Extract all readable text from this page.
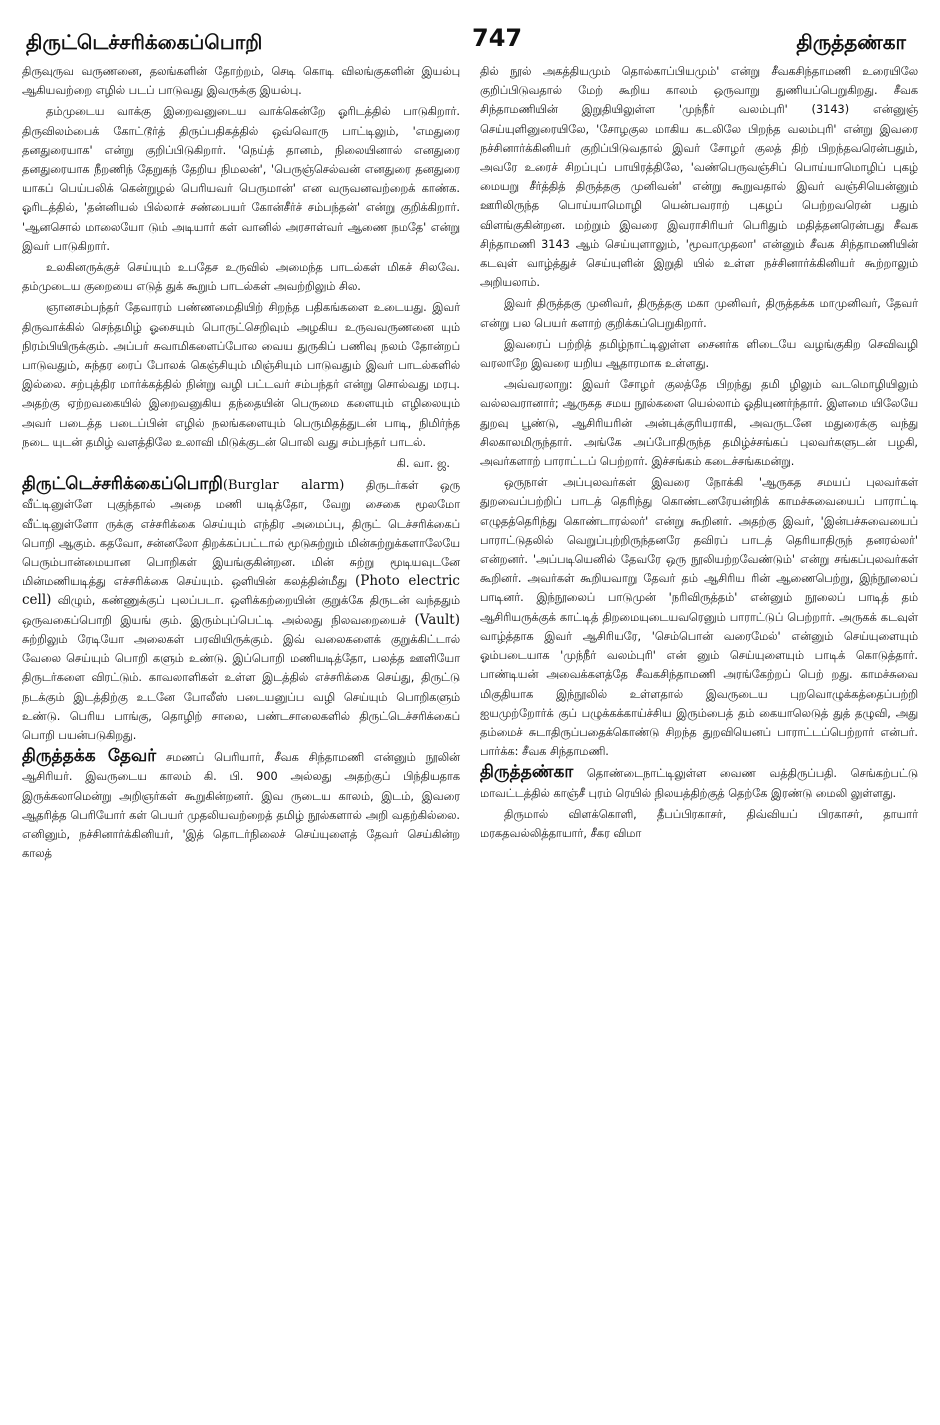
திருட்டெச்சரிக்கைப்பொறி	747	திருத்தண்கா

திருவுருவ வருணனை, தலங்களின் தோற்றம், செடி கொடி விலங்குகளின் இயல்பு ஆகியவற்றை எழில் படப் பாடுவது இவருக்கு இயல்பு.

தம்முடைய வாக்கு இறைவனுடைய வாக்கென்றே ஓரிடத்தில் பாடுகிறார். திருவிலம்பைக் கோட்டூர்த் திருப்பதிகத்தில் ஒவ்வொரு பாட்டிலும், 'எமதுரை தனதுரையாக' என்று குறிப்பிடுகிறார். 'நெய்த் தானம், நிலையினால் எனதுரை தனதுரையாக நீறணிந் தேறுகந் தேறிய நிமலன்', 'பெருஞ்செல்வன் எனதுரை தனதுரை யாகப் பெய்பலிக் கென்றுழல் பெரியவர் பெருமான்' என வருவனவற்றைக் காண்க. ஓரிடத்தில், 'தன்னியல் பில்லாச் சண்பையர் கோன்சீர்ச் சம்பந்தன்' என்று குறிக்கிறார். 'ஆனசொல் மாலையோ டும் அடியார் கள் வானில் அரசாள்வர் ஆணை நமதே' என்று இவர் பாடுகிறார்.

உலகினருக்குச் செய்யும் உபதேச உருவில் அமைந்த பாடல்கள் மிகச் சிலவே. தம்முடைய குறையை எடுத் துக் கூறும் பாடல்கள் அவற்றிலும் சில.

ஞானசம்பந்தர் தேவாரம் பண்ணமைதியிற் சிறந்த பதிகங்களை உடையது. இவர் திருவாக்கில் செந்தமிழ் ஓசையும் பொருட்செறிவும் அழகிய உருவவருணனை யும் நிரம்பியிருக்கும். அப்பர் சுவாமிகளைப்போல வைய துருகிப் பணிவு நலம் தோன்றப் பாடுவதும், சுந்தர ரைப் போலக் கெஞ்சியும் மிஞ்சியும் பாடுவதும் இவர் பாடல்களில் இல்லை. சற்புத்திர மார்க்கத்தில் நின்று வழி பட்டவர் சம்பந்தர் என்று சொல்வது மரபு. அதற்கு ஏற்றவகையில் இறைவனுகிய தந்தையின் பெருமை களையும் எழிலையும் அவர் படைத்த படைப்பின் எழில் நலங்களையும் பெருமிதத்துடன் பாடி, நிமிர்ந்த நடை யுடன் தமிழ் வளத்திலே உலாவி மிடுக்குடன் பொலி வது சம்பந்தர் பாடல்.

கி. வா. ஜ.

திருட்டெச்சரிக்கைப்பொறி(Burglar alarm) திருடர்கள் ஒரு வீட்டினுள்ளே புகுந்தால் அதை மணி யடித்தோ, வேறு சைகை மூலமோ வீட்டினுள்ளோ ருக்கு எச்சரிக்கை செய்யும் எந்திர அமைப்பு, திருட் டெச்சரிக்கைப் பொறி ஆகும். கதவோ, சன்னலோ திறக்கப்பட்டால் மூடுசுற்றும் மின்சுற்றுக்களாலேயே பெரும்பான்மையான பொறிகள் இயங்குகின்றன. மின் சுற்று மூடியவுடனே மின்மணியடித்து எச்சரிக்கை செய்யும். ஒளியின் கலத்தின்மீது (Photo electric cell) விழும், கண்ணுக்குப் புலப்படா. ஒளிக்கற்றையின் குறுக்கே திருடன் வந்ததும் ஒருவகைப்பொறி இயங் கும். இரும்புப்பெட்டி அல்லது நிலவறையைச் (Vault) சுற்றிலும் ரேடியோ அலைகள் பரவியிருக்கும். இவ் வலைகளைக் குறுக்கிட்டால் வேலை செய்யும் பொறி களும் உண்டு. இப்பொறி மணியடித்தோ, பலத்த ஊளியோ திருடர்களை விரட்டும். காவலாளிகள் உள்ள இடத்தில் எச்சரிக்கை செய்து, திருட்டு நடக்கும் இடத்திற்கு உடனே போலீஸ் படையனுப்ப வழி செய்யும் பொறிகளும் உண்டு. பெரிய பாங்கு, தொழிற் சாலை, பண்டசாலைகளில் திருட்டெச்சரிக்கைப் பொறி பயன்படுகிறது.

திருத்தக்க தேவர் சமணப் பெரியார், சீவக சிந்தாமணி என்னும் நூலின் ஆசிரியர். இவருடைய காலம் கி. பி. 900 அல்லது அதற்குப் பிந்தியதாக இருக்கலாமென்று அறிஞர்கள் கூறுகின்றனர். இவ ருடைய காலம், இடம், இவரை ஆதரித்த பெரியோர் கள் பெயர் முதலியவற்றைத் தமிழ் நூல்களால் அறி வதற்கில்லை. எனினும், நச்சினார்க்கினியர், 'இத் தொடர்நிலைச் செய்யுளைத் தேவர் செய்கின்ற காலத்

தில் நூல் அகத்தியமும் தொல்காப்பியமும்' என்று சீவகசிந்தாமணி உரையிலே குறிப்பிடுவதால் மேற் கூறிய காலம் ஒருவாறு துணியப்பெறுகிறது. சீவக சிந்தாமணியின் இறுதியிலுள்ள 'முந்நீர் வலம்புரி' (3143) என்னுஞ் செய்யுளினுரையிலே, 'சோழகுல மாகிய கடலிலே பிறந்த வலம்புரி' என்று இவரை நச்சினார்க்கினியர் குறிப்பிடுவதால் இவர் சோழர் குலத் திற் பிறந்தவரென்பதும், அவரே உரைச் சிறப்புப் பாயிரத்திலே, 'வண்பெருவஞ்சிப் பொய்யாமொழிப் புகழ் மையறு சீர்த்தித் திருத்தகு முனிவன்' என்று கூறுவதால் இவர் வஞ்சியென்னும் ஊரிலிருந்த பொய்யாமொழி யென்பவராற் புகழப் பெற்றவரென் பதும் விளங்குகின்றன. மற்றும் இவரை இவராசிரியர் பெரிதும் மதித்தனரென்பது சீவக சிந்தாமணி 3143 ஆம் செய்யுளாலும், 'மூவாமுதலா' என்னும் சீவக சிந்தாமணியின் கடவுள் வாழ்த்துச் செய்யுளின் இறுதி யில் உள்ள நச்சினார்க்கினியர் கூற்றாலும் அறியலாம்.

இவர் திருத்தகு முனிவர், திருத்தகு மகா முனிவர், திருத்தக்க மாமுனிவர், தேவர் என்று பல பெயர் களாற் குறிக்கப்பெறுகிறார்.

இவரைப் பற்றித் தமிழ்நாட்டிலுள்ள சைனர்க ளிடையே வழங்குகிற செவிவழி வரலாறே இவரை யறிய ஆதாரமாக உள்ளது.

அவ்வரலாறு: இவர் சோழர் குலத்தே பிறந்து தமி ழிலும் வடமொழியிலும் வல்லவரானார்; ஆருகத சமய நூல்களை யெல்லாம் ஓதியுணர்ந்தார். இளமை யிலேயே துறவு பூண்டு, ஆசிரியரின் அன்புக்குரியராகி, அவருடனே மதுரைக்கு வந்து சிலகாலமிருந்தார். அங்கே அப்போதிருந்த தமிழ்ச்சங்கப் புலவர்களுடன் பழகி, அவர்களாற் பாராட்டப் பெற்றார். இச்சங்கம் கடைச்சங்கமன்று.

ஒருநாள் அப்புலவர்கள் இவரை நோக்கி 'ஆருகத சமயப் புலவர்கள் துறவைப்பற்றிப் பாடத் தெரிந்து கொண்டனரேயன்றிக் காமச்சுவையைப் பாராட்டி எழுதத்தெரிந்து கொண்டாரல்லர்' என்று கூறினர். அதற்கு இவர், 'இன்பச்சுவையைப் பாராட்டுதலில் வெறுப்புற்றிருந்தனரே தவிரப் பாடத் தெரியாதிருந் தனரல்லர்' என்றனர். 'அப்படியெனில் தேவரே ஒரு நூலியற்றவேண்டும்' என்று சங்கப்புலவர்கள் கூறினர். அவர்கள் கூறியவாறு தேவர் தம் ஆசிரிய ரின் ஆணைபெற்று, இந்நூலைப் பாடினர். இந்நூலைப் பாடுமுன் 'நரிவிருத்தம்' என்னும் நூலைப் பாடித் தம் ஆசிரியருக்குக் காட்டித் திறமையுடையவரெனும் பாராட்டுப் பெற்றார். அருகக் கடவுள் வாழ்த்தாக இவர் ஆசிரியரே, 'செம்பொன் வரைமேல்' என்னும் செய்யுளையும் ஓம்படையாக 'முந்நீர் வலம்புரி' என் னும் செய்யுளையும் பாடிக் கொடுத்தார். பாண்டியன் அவைக்களத்தே சீவகசிந்தாமணி அரங்கேற்றப் பெற் றது. காமச்சுவை மிகுதியாக இந்நூலில் உள்ளதால் இவருடைய புறவொழுக்கத்தைப்பற்றி ஐயமுற்றோர்க் குப் பழுக்கக்காய்ச்சிய இரும்பைத் தம் கையாலெடுத் துத் தழுவி, அது தம்மைச் சுடாதிருப்பதைக்கொண்டு சிறந்த துறவியெனப் பாராட்டப்பெற்றார் என்பர். பார்க்க: சீவக சிந்தாமணி.

திருத்தண்கா தொண்டைநாட்டிலுள்ள வைண வத்திருப்பதி. செங்கற்பட்டு மாவட்டத்தில் காஞ்சீ புரம் ரெயில் நிலயத்திற்குத் தெற்கே இரண்டு மைலி லுள்ளது.

திருமால் விளக்கொளி, தீபப்பிரகாசர், திவ்வியப் பிரகாசர், தாயார் மரகதவல்லித்தாயார், சீகர விமா
